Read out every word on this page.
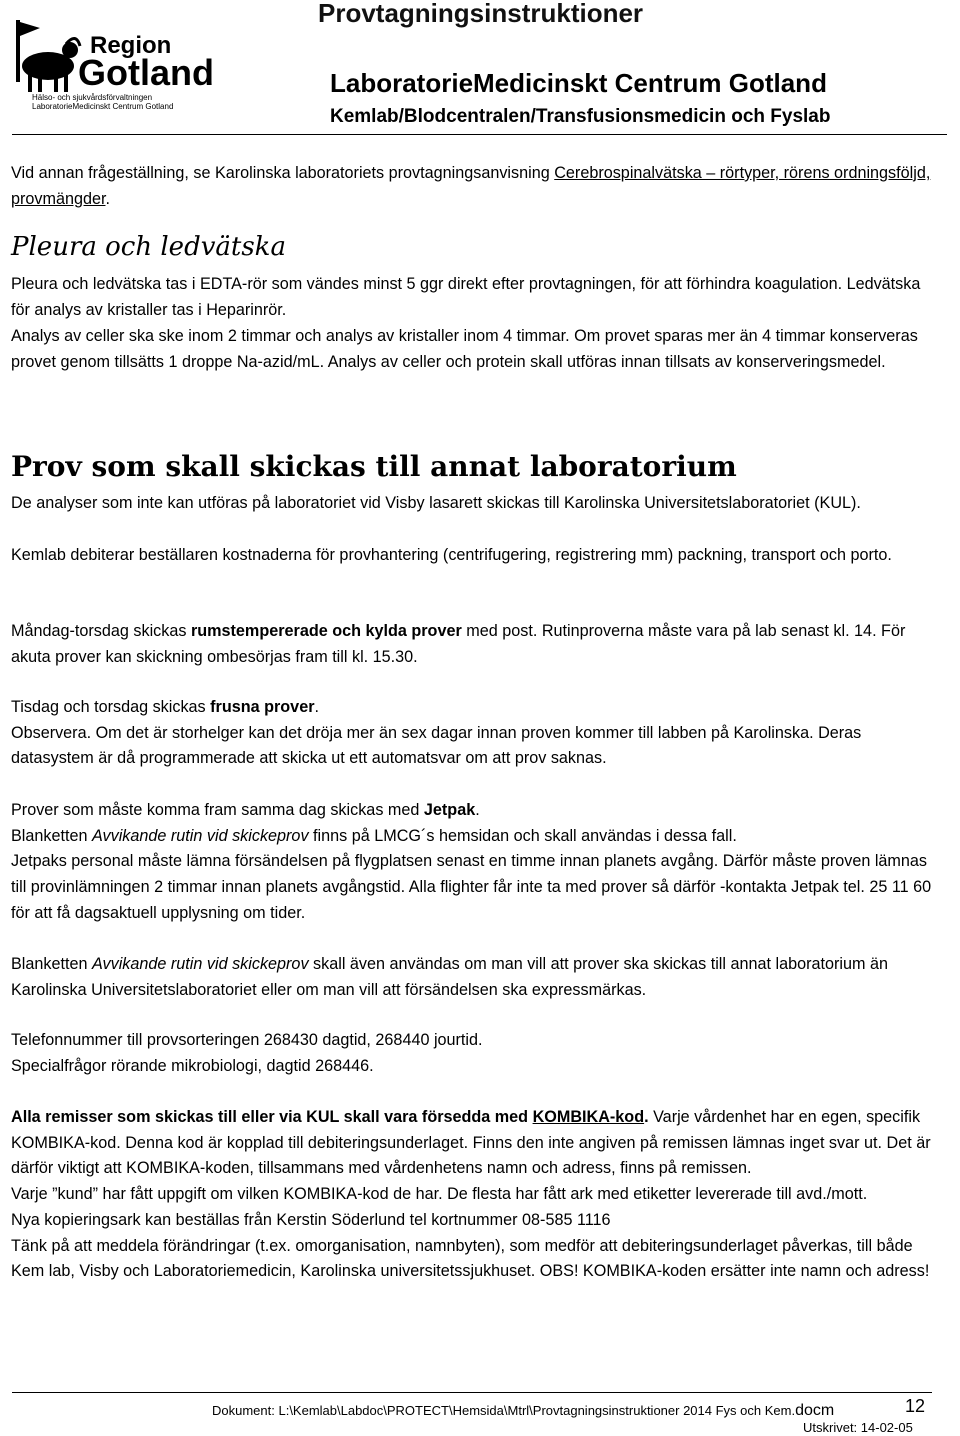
Region
Gotland
Hälso- och sjukvårdsförvaltningen
LaboratorieMedicinskt Centrum Gotland
Provtagningsinstruktioner
LaboratorieMedicinskt Centrum Gotland
Kemlab/Blodcentralen/Transfusionsmedicin och Fyslab
Vid annan frågeställning, se Karolinska laboratoriets provtagningsanvisning Cerebrospinalvätska – rörtyper, rörens ordningsföljd, provmängder.
Pleura och ledvätska
Pleura och ledvätska tas i EDTA-rör som vändes minst 5 ggr direkt efter provtagningen, för att förhindra koagulation. Ledvätska för analys av kristaller tas i Heparinrör.
Analys av celler ska ske inom 2 timmar och analys av kristaller inom 4 timmar. Om provet sparas mer än 4 timmar konserveras provet genom tillsätts 1 droppe Na-azid/mL. Analys av celler och protein skall utföras innan tillsats av konserveringsmedel.
Prov som skall skickas till annat laboratorium
De analyser som inte kan utföras på laboratoriet vid Visby lasarett skickas till Karolinska Universitetslaboratoriet (KUL).
Kemlab debiterar beställaren kostnaderna för provhantering (centrifugering, registrering mm) packning, transport och porto.
Måndag-torsdag skickas rumstempererade och kylda prover med post. Rutinproverna måste vara på lab senast kl. 14. För akuta prover kan skickning ombesörjas fram till kl. 15.30.
Tisdag och torsdag skickas frusna prover.
Observera. Om det är storhelger kan det dröja mer än sex dagar innan proven kommer till labben på Karolinska. Deras datasystem är då programmerade att skicka ut ett automatsvar om att prov saknas.
Prover som måste komma fram samma dag skickas med Jetpak.
Blanketten Avvikande rutin vid skickeprov finns på LMCG´s hemsidan och skall användas i dessa fall.
Jetpaks personal måste lämna försändelsen på flygplatsen senast en timme innan planets avgång. Därför måste proven lämnas till provinlämningen 2 timmar innan planets avgångstid. Alla flighter får inte ta med prover så därför -kontakta Jetpak tel. 25 11 60 för att få dagsaktuell upplysning om tider.
Blanketten Avvikande rutin vid skickeprov skall även användas om man vill att prover ska skickas till annat laboratorium än Karolinska Universitetslaboratoriet eller om man vill att försändelsen ska expressmärkas.
Telefonnummer till provsorteringen 268430 dagtid, 268440 jourtid.
Specialfrågor rörande mikrobiologi, dagtid 268446.
Alla remisser som skickas till eller via KUL skall vara försedda med KOMBIKA-kod. Varje vårdenhet har en egen, specifik KOMBIKA-kod. Denna kod är kopplad till debiteringsunderlaget. Finns den inte angiven på remissen lämnas inget svar ut. Det är därför viktigt att KOMBIKA-koden, tillsammans med vårdenhetens namn och adress, finns på remissen.
Varje ”kund” har fått uppgift om vilken KOMBIKA-kod de har. De flesta har fått ark med etiketter levererade till avd./mott.
Nya kopieringsark kan beställas från Kerstin Söderlund tel kortnummer 08-585 1116
Tänk på att meddela förändringar (t.ex. omorganisation, namnbyten), som medför att debiteringsunderlaget påverkas, till både Kem lab, Visby och Laboratoriemedicin, Karolinska universitetssjukhuset. OBS! KOMBIKA-koden ersätter inte namn och adress!
Dokument: L:\Kemlab\Labdoc\PROTECT\Hemsida\Mtrl\Provtagningsinstruktioner 2014 Fys och Kem.docm	12
Utskrivet: 14-02-05
